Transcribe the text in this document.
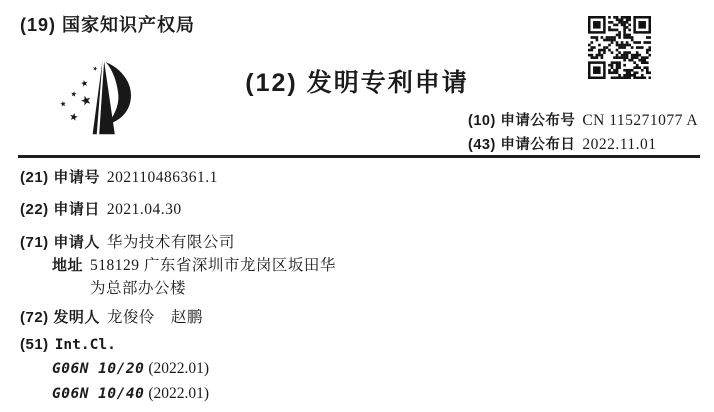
(19) 国家知识产权局
(12) 发明专利申请
(10) 申请公布号 CN 115271077 A
(43) 申请公布日 2022.11.01
(21) 申请号 202110486361.1
(22) 申请日 2021.04.30
(71) 申请人 华为技术有限公司
地址 518129 广东省深圳市龙岗区坂田华
为总部办公楼
(72) 发明人 龙俊伶　赵鹏
(51) Int.Cl.
G06N 10/20 (2022.01)
G06N 10/40 (2022.01)
